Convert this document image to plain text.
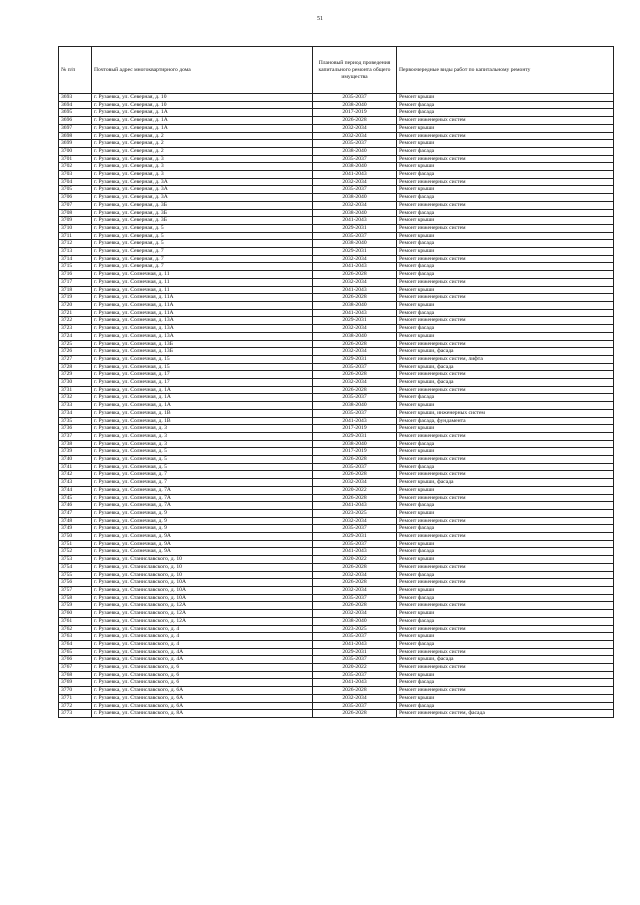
51
№ п/п	Почтовый адрес многоквартирного дома	Плановый период проведения капитального ремонта общего имущества	Первоочередные виды работ по капитальному ремонту
3693	г. Рузаевка, ул. Северная, д. 10	2035-2037	Ремонт крыши
3694	г. Рузаевка, ул. Северная, д. 10	2038-2040	Ремонт фасада
3695	г. Рузаевка, ул. Северная, д. 1А	2017-2019	Ремонт фасада
3696	г. Рузаевка, ул. Северная, д. 1А	2026-2028	Ремонт инженерных систем
3697	г. Рузаевка, ул. Северная, д. 1А	2032-2034	Ремонт крыши
3698	г. Рузаевка, ул. Северная, д. 2	2032-2034	Ремонт инженерных систем
3699	г. Рузаевка, ул. Северная, д. 2	2035-2037	Ремонт крыши
3700	г. Рузаевка, ул. Северная, д. 2	2038-2040	Ремонт фасада
3701	г. Рузаевка, ул. Северная, д. 3	2035-2037	Ремонт инженерных систем
3702	г. Рузаевка, ул. Северная, д. 3	2038-2040	Ремонт крыши
3703	г. Рузаевка, ул. Северная, д. 3	2041-2043	Ремонт фасада
3704	г. Рузаевка, ул. Северная, д. 3А	2032-2034	Ремонт инженерных систем
3705	г. Рузаевка, ул. Северная, д. 3А	2035-2037	Ремонт крыши
3706	г. Рузаевка, ул. Северная, д. 3А	2038-2040	Ремонт фасада
3707	г. Рузаевка, ул. Северная, д. 3Б	2032-2034	Ремонт инженерных систем
3708	г. Рузаевка, ул. Северная, д. 3Б	2038-2040	Ремонт фасада
3709	г. Рузаевка, ул. Северная, д. 3Б	2041-2043	Ремонт крыши
3710	г. Рузаевка, ул. Северная, д. 5	2029-2031	Ремонт инженерных систем
3711	г. Рузаевка, ул. Северная, д. 5	2035-2037	Ремонт крыши
3712	г. Рузаевка, ул. Северная, д. 5	2038-2040	Ремонт фасада
3713	г. Рузаевка, ул. Северная, д. 7	2029-2031	Ремонт крыши
3714	г. Рузаевка, ул. Северная, д. 7	2032-2034	Ремонт инженерных систем
3715	г. Рузаевка, ул. Северная, д. 7	2041-2043	Ремонт фасада
3716	г. Рузаевка, ул. Солнечная, д. 11	2026-2028	Ремонт фасада
3717	г. Рузаевка, ул. Солнечная, д. 11	2032-2034	Ремонт инженерных систем
3718	г. Рузаевка, ул. Солнечная, д. 11	2041-2043	Ремонт крыши
3719	г. Рузаевка, ул. Солнечная, д. 11А	2026-2028	Ремонт инженерных систем
3720	г. Рузаевка, ул. Солнечная, д. 11А	2038-2040	Ремонт крыши
3721	г. Рузаевка, ул. Солнечная, д. 11А	2041-2043	Ремонт фасада
3722	г. Рузаевка, ул. Солнечная, д. 13А	2029-2031	Ремонт инженерных систем
3723	г. Рузаевка, ул. Солнечная, д. 13А	2032-2034	Ремонт фасада
3724	г. Рузаевка, ул. Солнечная, д. 13А	2038-2040	Ремонт крыши
3725	г. Рузаевка, ул. Солнечная, д. 13Б	2026-2028	Ремонт инженерных систем
3726	г. Рузаевка, ул. Солнечная, д. 13Б	2032-2034	Ремонт крыши, фасада
3727	г. Рузаевка, ул. Солнечная, д. 15	2029-2031	Ремонт инженерных систем, лифта
3728	г. Рузаевка, ул. Солнечная, д. 15	2035-2037	Ремонт крыши, фасада
3729	г. Рузаевка, ул. Солнечная, д. 17	2026-2028	Ремонт инженерных систем
3730	г. Рузаевка, ул. Солнечная, д. 17	2032-2034	Ремонт крыши, фасада
3731	г. Рузаевка, ул. Солнечная, д. 1А	2026-2028	Ремонт инженерных систем
3732	г. Рузаевка, ул. Солнечная, д. 1А	2035-2037	Ремонт фасада
3733	г. Рузаевка, ул. Солнечная, д. 1А	2038-2040	Ремонт крыши
3734	г. Рузаевка, ул. Солнечная, д. 1В	2035-2037	Ремонт крыши, инженерных систем
3735	г. Рузаевка, ул. Солнечная, д. 1В	2041-2043	Ремонт фасада, фундамента
3736	г. Рузаевка, ул. Солнечная, д. 3	2017-2019	Ремонт крыши
3737	г. Рузаевка, ул. Солнечная, д. 3	2029-2031	Ремонт инженерных систем
3738	г. Рузаевка, ул. Солнечная, д. 3	2038-2040	Ремонт фасада
3739	г. Рузаевка, ул. Солнечная, д. 5	2017-2019	Ремонт крыши
3740	г. Рузаевка, ул. Солнечная, д. 5	2026-2028	Ремонт инженерных систем
3741	г. Рузаевка, ул. Солнечная, д. 5	2035-2037	Ремонт фасада
3742	г. Рузаевка, ул. Солнечная, д. 7	2026-2028	Ремонт инженерных систем
3743	г. Рузаевка, ул. Солнечная, д. 7	2032-2034	Ремонт крыши, фасада
3744	г. Рузаевка, ул. Солнечная, д. 7А	2020-2022	Ремонт крыши
3745	г. Рузаевка, ул. Солнечная, д. 7А	2026-2028	Ремонт инженерных систем
3746	г. Рузаевка, ул. Солнечная, д. 7А	2041-2043	Ремонт фасада
3747	г. Рузаевка, ул. Солнечная, д. 9	2023-2025	Ремонт крыши
3748	г. Рузаевка, ул. Солнечная, д. 9	2032-2034	Ремонт инженерных систем
3749	г. Рузаевка, ул. Солнечная, д. 9	2035-2037	Ремонт фасада
3750	г. Рузаевка, ул. Солнечная, д. 9А	2029-2031	Ремонт инженерных систем
3751	г. Рузаевка, ул. Солнечная, д. 9А	2035-2037	Ремонт крыши
3752	г. Рузаевка, ул. Солнечная, д. 9А	2041-2043	Ремонт фасада
3753	г. Рузаевка, ул. Станиславского, д. 10	2020-2022	Ремонт крыши
3754	г. Рузаевка, ул. Станиславского, д. 10	2026-2028	Ремонт инженерных систем
3755	г. Рузаевка, ул. Станиславского, д. 10	2032-2034	Ремонт фасада
3756	г. Рузаевка, ул. Станиславского, д. 10А	2026-2028	Ремонт инженерных систем
3757	г. Рузаевка, ул. Станиславского, д. 10А	2032-2034	Ремонт крыши
3758	г. Рузаевка, ул. Станиславского, д. 10А	2035-2037	Ремонт фасада
3759	г. Рузаевка, ул. Станиславского, д. 12А	2026-2028	Ремонт инженерных систем
3760	г. Рузаевка, ул. Станиславского, д. 12А	2032-2034	Ремонт крыши
3761	г. Рузаевка, ул. Станиславского, д. 12А	2038-2040	Ремонт фасада
3762	г. Рузаевка, ул. Станиславского, д. 4	2023-2025	Ремонт инженерных систем
3763	г. Рузаевка, ул. Станиславского, д. 4	2035-2037	Ремонт крыши
3764	г. Рузаевка, ул. Станиславского, д. 4	2041-2043	Ремонт фасада
3765	г. Рузаевка, ул. Станиславского, д. 4А	2029-2031	Ремонт инженерных систем
3766	г. Рузаевка, ул. Станиславского, д. 4А	2035-2037	Ремонт крыши, фасада
3767	г. Рузаевка, ул. Станиславского, д. 6	2020-2022	Ремонт инженерных систем
3768	г. Рузаевка, ул. Станиславского, д. 6	2035-2037	Ремонт крыши
3769	г. Рузаевка, ул. Станиславского, д. 6	2041-2043	Ремонт фасада
3770	г. Рузаевка, ул. Станиславского, д. 6А	2026-2028	Ремонт инженерных систем
3771	г. Рузаевка, ул. Станиславского, д. 6А	2032-2034	Ремонт крыши
3772	г. Рузаевка, ул. Станиславского, д. 6А	2035-2037	Ремонт фасада
3773	г. Рузаевка, ул. Станиславского, д. 8А	2026-2028	Ремонт инженерных систем, фасада
